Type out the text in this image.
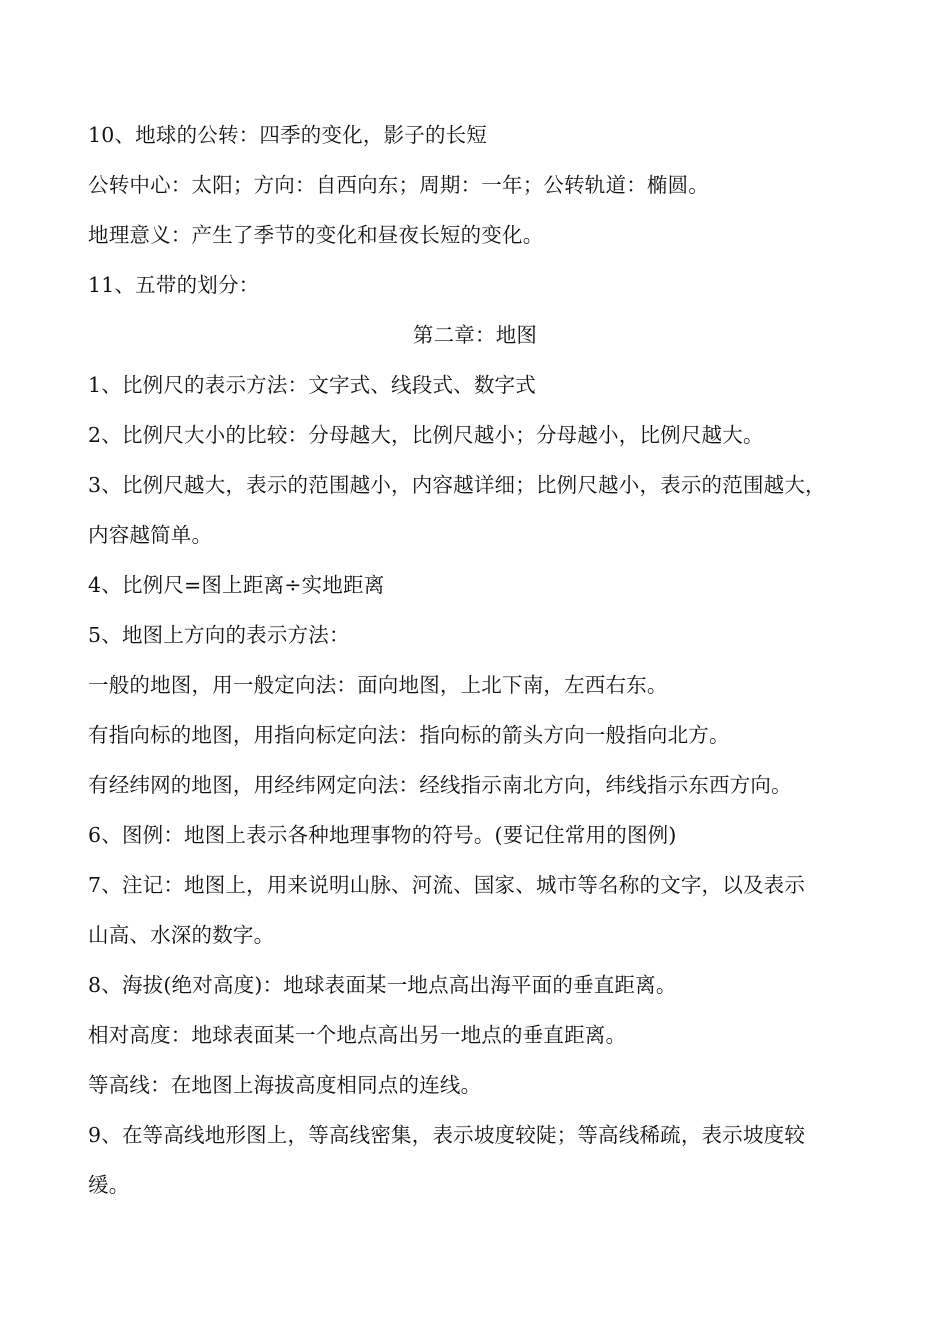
10、地球的公转：四季的变化，影子的长短
公转中心：太阳；方向：自西向东；周期：一年；公转轨道：椭圆。
地理意义：产生了季节的变化和昼夜长短的变化。
11、五带的划分：
第二章：地图
1、比例尺的表示方法：文字式、线段式、数字式
2、比例尺大小的比较：分母越大，比例尺越小；分母越小，比例尺越大。
3、比例尺越大，表示的范围越小，内容越详细；比例尺越小，表示的范围越大，
内容越简单。
4、比例尺=图上距离÷实地距离
5、地图上方向的表示方法：
一般的地图，用一般定向法：面向地图，上北下南，左西右东。
有指向标的地图，用指向标定向法：指向标的箭头方向一般指向北方。
有经纬网的地图，用经纬网定向法：经线指示南北方向，纬线指示东西方向。
6、图例：地图上表示各种地理事物的符号。(要记住常用的图例)
7、注记：地图上，用来说明山脉、河流、国家、城市等名称的文字，以及表示
山高、水深的数字。
8、海拔(绝对高度)：地球表面某一地点高出海平面的垂直距离。
相对高度：地球表面某一个地点高出另一地点的垂直距离。
等高线：在地图上海拔高度相同点的连线。
9、在等高线地形图上，等高线密集，表示坡度较陡；等高线稀疏，表示坡度较
缓。
